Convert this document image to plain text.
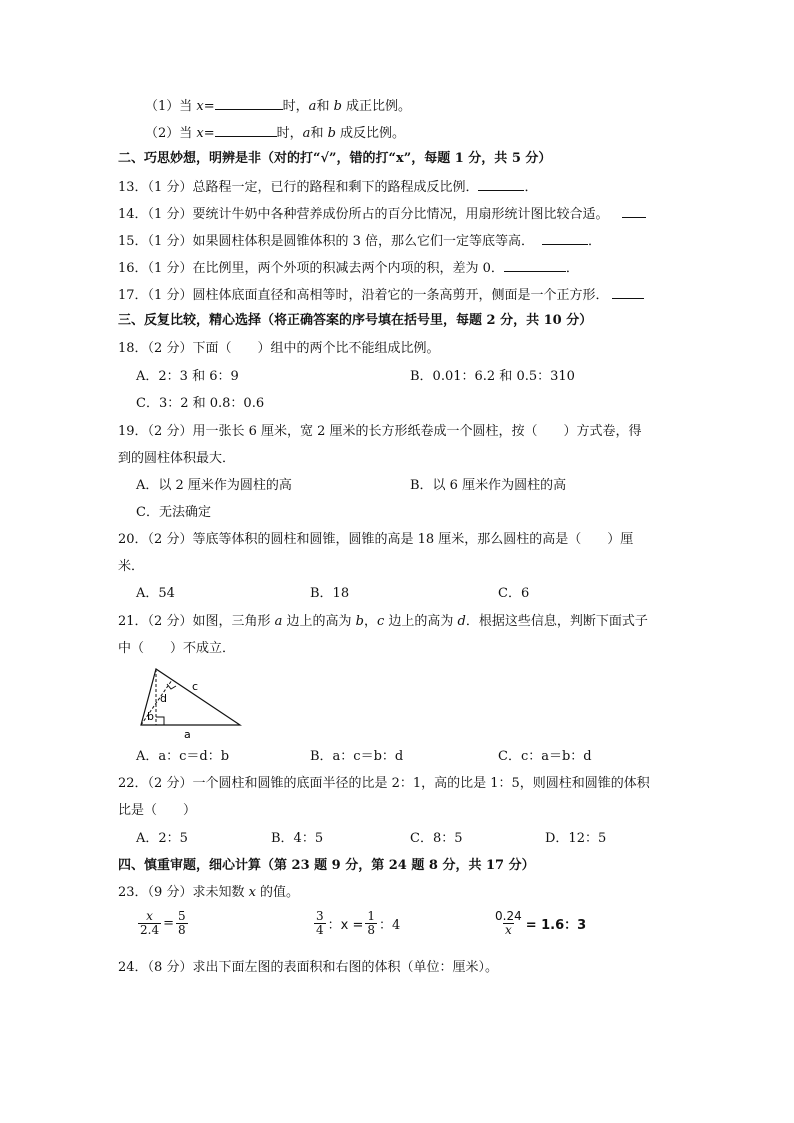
（1）当 x=	时，a和 b 成正比例。
（2）当 x=	时，a和 b 成反比例。
二、巧思妙想，明辨是非（对的打“√”，错的打“x”，每题 1 分，共 5 分）
13．（1 分）总路程一定，已行的路程和剩下的路程成反比例．	．
14．（1 分）要统计牛奶中各种营养成份所占的百分比情况，用扇形统计图比较合适。
15．（1 分）如果圆柱体积是圆锥体积的 3 倍，那么它们一定等底等高．	．
16．（1 分）在比例里，两个外项的积减去两个内项的积，差为 0．	．
17．（1 分）圆柱体底面直径和高相等时，沿着它的一条高剪开，侧面是一个正方形．
三、反复比较，精心选择（将正确答案的序号填在括号里，每题 2 分，共 10 分）
18．（2 分）下面（　　）组中的两个比不能组成比例。
A．2：3 和 6：9	B．0.01：6.2 和 0.5：310
C．3：2 和 0.8：0.6
19．（2 分）用一张长 6 厘米，宽 2 厘米的长方形纸卷成一个圆柱，按（　　）方式卷，得
到的圆柱体积最大．
A．以 2 厘米作为圆柱的高	B．以 6 厘米作为圆柱的高
C．无法确定
20．（2 分）等底等体积的圆柱和圆锥，圆锥的高是 18 厘米，那么圆柱的高是（　　）厘
米．
A．54	B．18	C．6
21．（2 分）如图，三角形 a 边上的高为 b，c 边上的高为 d．根据这些信息，判断下面式子
中（　　）不成立．
c
d
b
a
A．a：c＝d：b	B．a：c＝b：d	C．c：a＝b：d
22．（2 分）一个圆柱和圆锥的底面半径的比是 2：1，高的比是 1：5，则圆柱和圆锥的体积
比是（　　）
A．2：5	B．4：5	C．8：5	D．12：5
四、慎重审题，细心计算（第 23 题 9 分，第 24 题 8 分，共 17 分）
23．（9 分）求未知数 x 的值。
$\frac{x}{2.4} = \frac{5}{8}$	$\frac{3}{4}$ ：$x = \frac{1}{8}$ ：4	$\frac{0.24}{x} = 1.6$：3
24．（8 分）求出下面左图的表面积和右图的体积（单位：厘米）。
